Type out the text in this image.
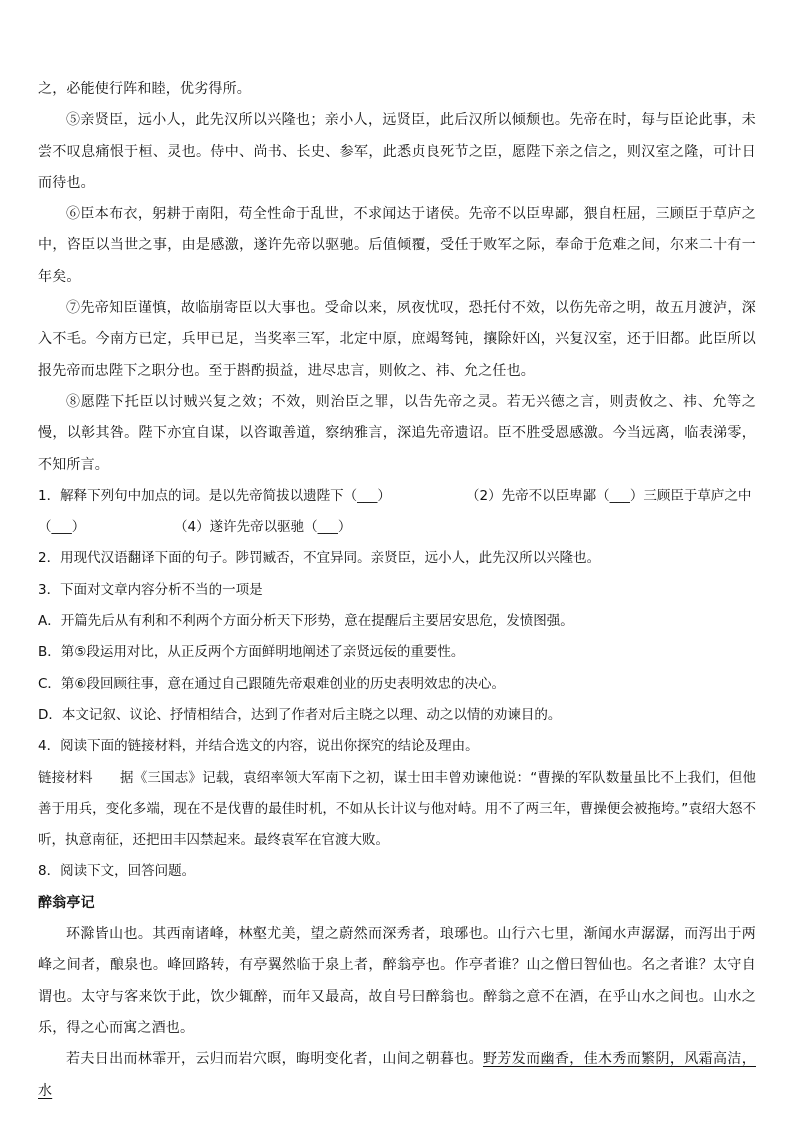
之，必能使行阵和睦，优劣得所。

⑤亲贤臣，远小人，此先汉所以兴隆也；亲小人，远贤臣，此后汉所以倾颓也。先帝在时，每与臣论此事，未尝不叹息痛恨于桓、灵也。侍中、尚书、长史、参军，此悉贞良死节之臣，愿陛下亲之信之，则汉室之隆，可计日而待也。

⑥臣本布衣，躬耕于南阳，苟全性命于乱世，不求闻达于诸侯。先帝不以臣卑鄙，猥自枉屈，三顾臣于草庐之中，咨臣以当世之事，由是感激，遂许先帝以驱驰。后值倾覆，受任于败军之际，奉命于危难之间，尔来二十有一年矣。

⑦先帝知臣谨慎，故临崩寄臣以大事也。受命以来，夙夜忧叹，恐托付不效，以伤先帝之明，故五月渡泸，深入不毛。今南方已定，兵甲已足，当奖率三军，北定中原，庶竭驽钝，攘除奸凶，兴复汉室，还于旧都。此臣所以报先帝而忠陛下之职分也。至于斟酌损益，进尽忠言，则攸之、祎、允之任也。

⑧愿陛下托臣以讨贼兴复之效；不效，则治臣之罪，以告先帝之灵。若无兴德之言，则责攸之、祎、允等之慢，以彰其咎。陛下亦宜自谋，以咨诹善道，察纳雅言，深追先帝遗诏。臣不胜受恩感激。今当远离，临表涕零，不知所言。

1．解释下列句中加点的词。是以先帝简拔以遗陛下（___）	（2）先帝不以臣卑鄙（___）三顾臣于草庐之中
（___）	（4）遂许先帝以驱驰（___）

2．用现代汉语翻译下面的句子。陟罚臧否，不宜异同。亲贤臣，远小人，此先汉所以兴隆也。

3．下面对文章内容分析不当的一项是

A．开篇先后从有利和不利两个方面分析天下形势，意在提醒后主要居安思危，发愤图强。

B．第⑤段运用对比，从正反两个方面鲜明地阐述了亲贤远佞的重要性。

C．第⑥段回顾往事，意在通过自己跟随先帝艰难创业的历史表明效忠的决心。

D．本文记叙、议论、抒情相结合，达到了作者对后主晓之以理、动之以情的劝谏目的。

4．阅读下面的链接材料，并结合选文的内容，说出你探究的结论及理由。

链接材料　　据《三国志》记载，袁绍率领大军南下之初，谋士田丰曾劝谏他说：“曹操的军队数量虽比不上我们，但他善于用兵，变化多端，现在不是伐曹的最佳时机，不如从长计议与他对峙。用不了两三年，曹操便会被拖垮。”袁绍大怒不听，执意南征，还把田丰囚禁起来。最终袁军在官渡大败。

8．阅读下文，回答问题。

醉翁亭记

环滁皆山也。其西南诸峰，林壑尤美，望之蔚然而深秀者，琅琊也。山行六七里，渐闻水声潺潺，而泻出于两峰之间者，酿泉也。峰回路转，有亭翼然临于泉上者，醉翁亭也。作亭者谁？山之僧曰智仙也。名之者谁？太守自谓也。太守与客来饮于此，饮少辄醉，而年又最高，故自号曰醉翁也。醉翁之意不在酒，在乎山水之间也。山水之乐，得之心而寓之酒也。

若夫日出而林霏开，云归而岩穴暝，晦明变化者，山间之朝暮也。野芳发而幽香，佳木秀而繁阴，风霜高洁，水
